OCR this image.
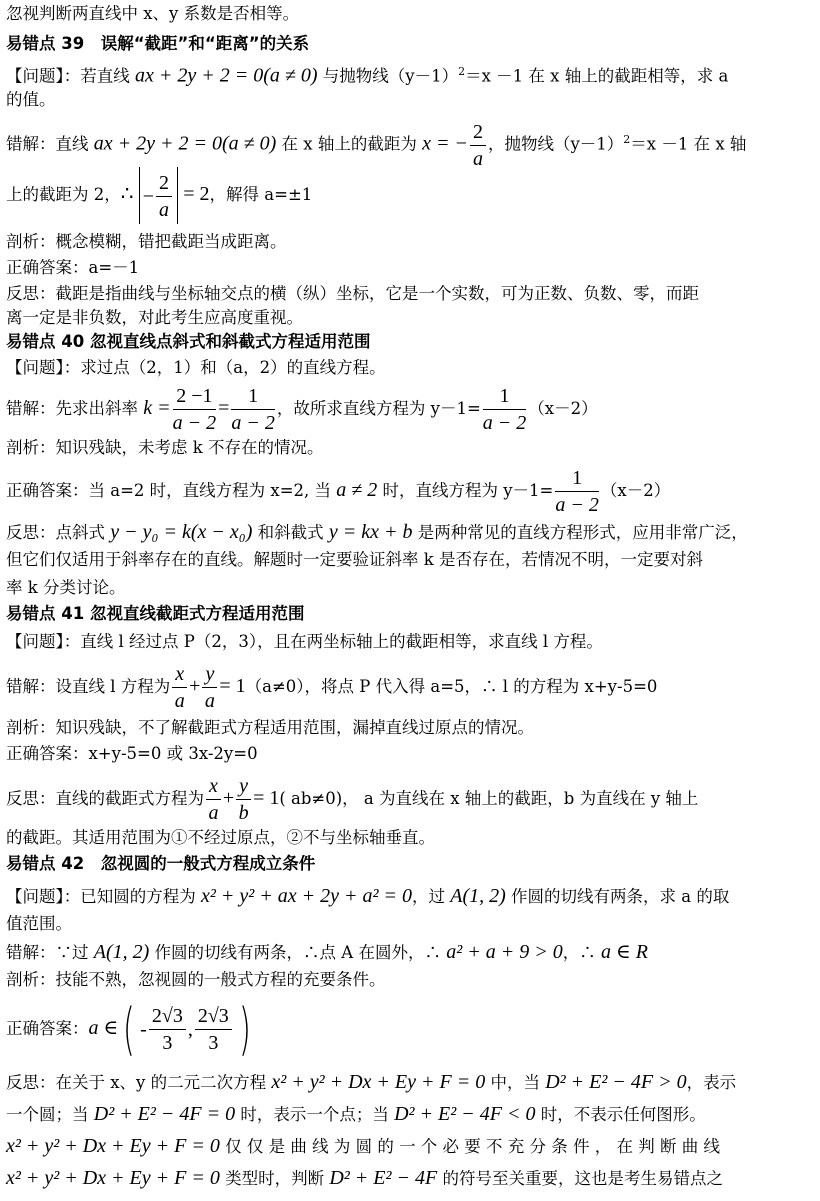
忽视判断两直线中 x、y 系数是否相等。
易错点 39　误解“截距”和“距离”的关系
【问题】：若直线 ax + 2y + 2 = 0(a ≠ 0) 与抛物线$(y-1)^2=x -1$ 在 x 轴上的截距相等，求 a
的值。
错解：直线 ax + 2y + 2 = 0(a ≠ 0) 在 x 轴上的截距为 x = − $\frac{2}{a}$ ，抛物线$(y-1)^2=x -1$ 在 x 轴
上的截距为 2，∴ − $\frac{2}{a} = 2$，解得 a=±1
剖析：概念模糊，错把截距当成距离。
正确答案：a=－1
反思：截距是指曲线与坐标轴交点的横（纵）坐标，它是一个实数，可为正数、负数、零，而距
离一定是非负数，对此考生应高度重视。
易错点 40 忽视直线点斜式和斜截式方程适用范围
【问题】：求过点（2，1）和（a，2）的直线方程。
错解：先求出斜率 $k = \frac{2 -1}{a - 2} = \frac{1}{a - 2}$ ，故所求直线方程为 $y-1= \frac{1}{a - 2} (x-2)$
剖析：知识残缺，未考虑 k 不存在的情况。
正确答案：当 a=2 时，直线方程为 x=2, 当 a ≠ 2 时，直线方程为 $y-1= \frac{1}{a - 2} (x-2)$
反思：点斜式 y − y₀ = k(x − x₀) 和斜截式 y = kx + b 是两种常见的直线方程形式，应用非常广泛，
但它们仅适用于斜率存在的直线。解题时一定要验证斜率 k 是否存在，若情况不明，一定要对斜
率 k 分类讨论。
易错点 41 忽视直线截距式方程适用范围
【问题】：直线 l 经过点 P（2，3），且在两坐标轴上的截距相等，求直线 l 方程。
错解：设直线 l 方程为 $\frac{x}{a} + \frac{y}{a} = 1(a\ne 0)$，将点 P 代入得 a=5，∴ l 的方程为 x+y-5=0
剖析：知识残缺，不了解截距式方程适用范围，漏掉直线过原点的情况。
正确答案：x+y-5=0 或 3x-2y=0
反思：直线的截距式方程为 $\frac{x}{a} + \frac{y}{b} = 1$( ab≠0)， a 为直线在 x 轴上的截距，b 为直线在 y 轴上
的截距。其适用范围为①不经过原点，②不与坐标轴垂直。
易错点 42　忽视圆的一般式方程成立条件
【问题】：已知圆的方程为 x² + y² + ax + 2y + a² = 0，过 A(1, 2) 作圆的切线有两条，求 a 的取
值范围。
错解：∵过 A(1, 2) 作圆的切线有两条，∴点 A 在圆外，∴ a² + a + 9 > 0，∴ a ∈ R
剖析：技能不熟，忽视圆的一般式方程的充要条件。
正确答案：a ∈( - $\frac{2√3}{3}$ , $\frac{2√3}{3}$ )
反思：在关于 x、y 的二元二次方程 x² + y² + Dx + Ey + F = 0 中，当 D² + E² − 4F > 0，表示
一个圆；当 D² + E² − 4F = 0 时，表示一个点；当 D² + E² − 4F < 0 时，不表示任何图形。
x² + y² + Dx + Ey + F = 0 仅 仅 是 曲 线 为 圆 的 一 个 必 要 不 充 分 条 件 ， 在 判 断 曲 线
x² + y² + Dx + Ey + F = 0 类型时，判断 D² + E² − 4F 的符号至关重要，这也是考生易错点之
